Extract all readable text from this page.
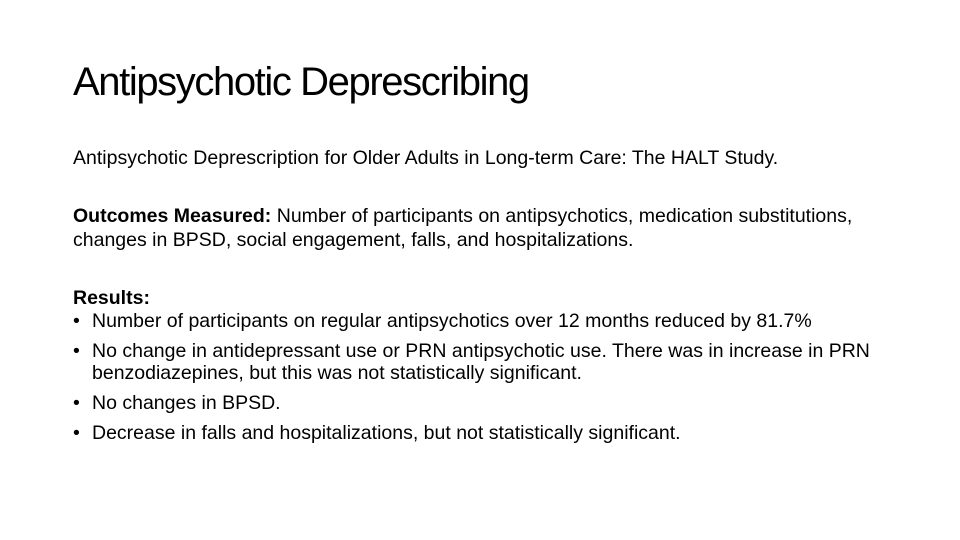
Antipsychotic Deprescribing
Antipsychotic Deprescription for Older Adults in Long-term Care: The HALT Study.

Outcomes Measured: Number of participants on antipsychotics, medication substitutions, changes in BPSD, social engagement, falls, and hospitalizations.

Results:
• Number of participants on regular antipsychotics over 12 months reduced by 81.7%
• No change in antidepressant use or PRN antipsychotic use. There was in increase in PRN benzodiazepines, but this was not statistically significant.
• No changes in BPSD.
• Decrease in falls and hospitalizations, but not statistically significant.
